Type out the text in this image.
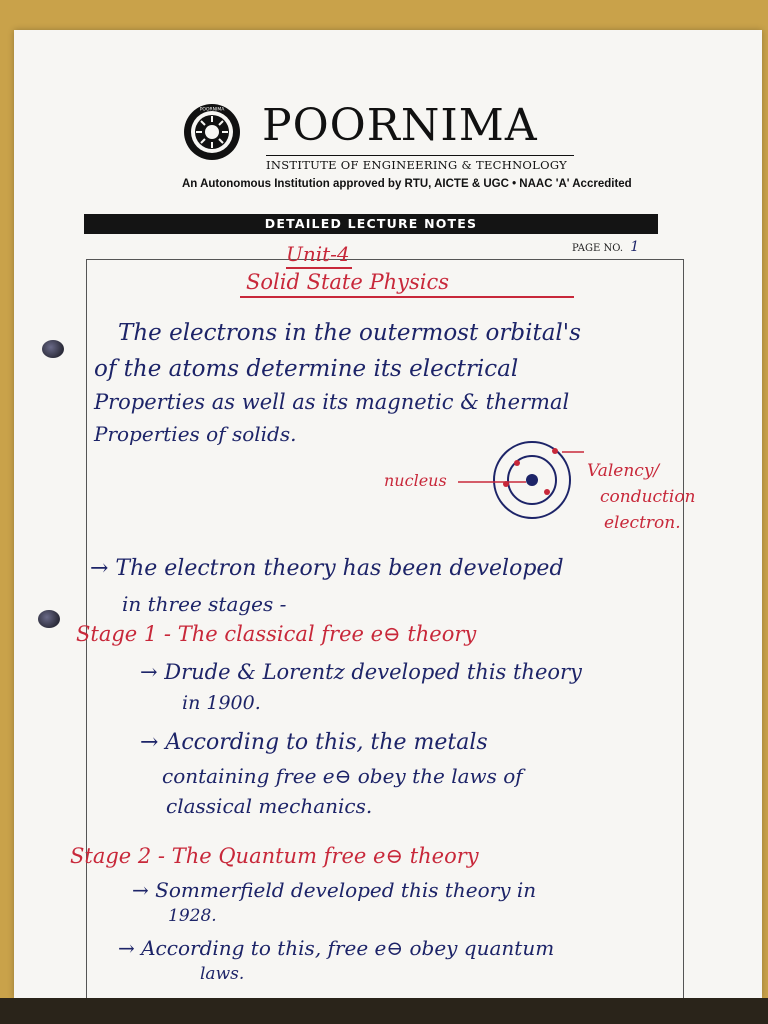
POORNIMA POORNIMA
INSTITUTE OF ENGINEERING & TECHNOLOGY
An Autonomous Institution approved by RTU, AICTE & UGC • NAAC 'A' Accredited
DETAILED LECTURE NOTES
PAGE NO. 1
Unit-4
Solid State Physics
The electrons in the outermost orbital's
of the atoms determine its electrical
Properties as well as its magnetic & thermal
Properties of solids.
nucleus	Valency/
conduction
electron.
→ The electron theory has been developed
in three stages -
Stage 1 - The classical free e⊖ theory
→ Drude & Lorentz developed this theory
in 1900.
→ According to this, the metals
containing free e⊖ obey the laws of
classical mechanics.
Stage 2 - The Quantum free e⊖ theory
→ Sommerfield developed this theory in
1928.
→ According to this, free e⊖ obey quantum
laws.
